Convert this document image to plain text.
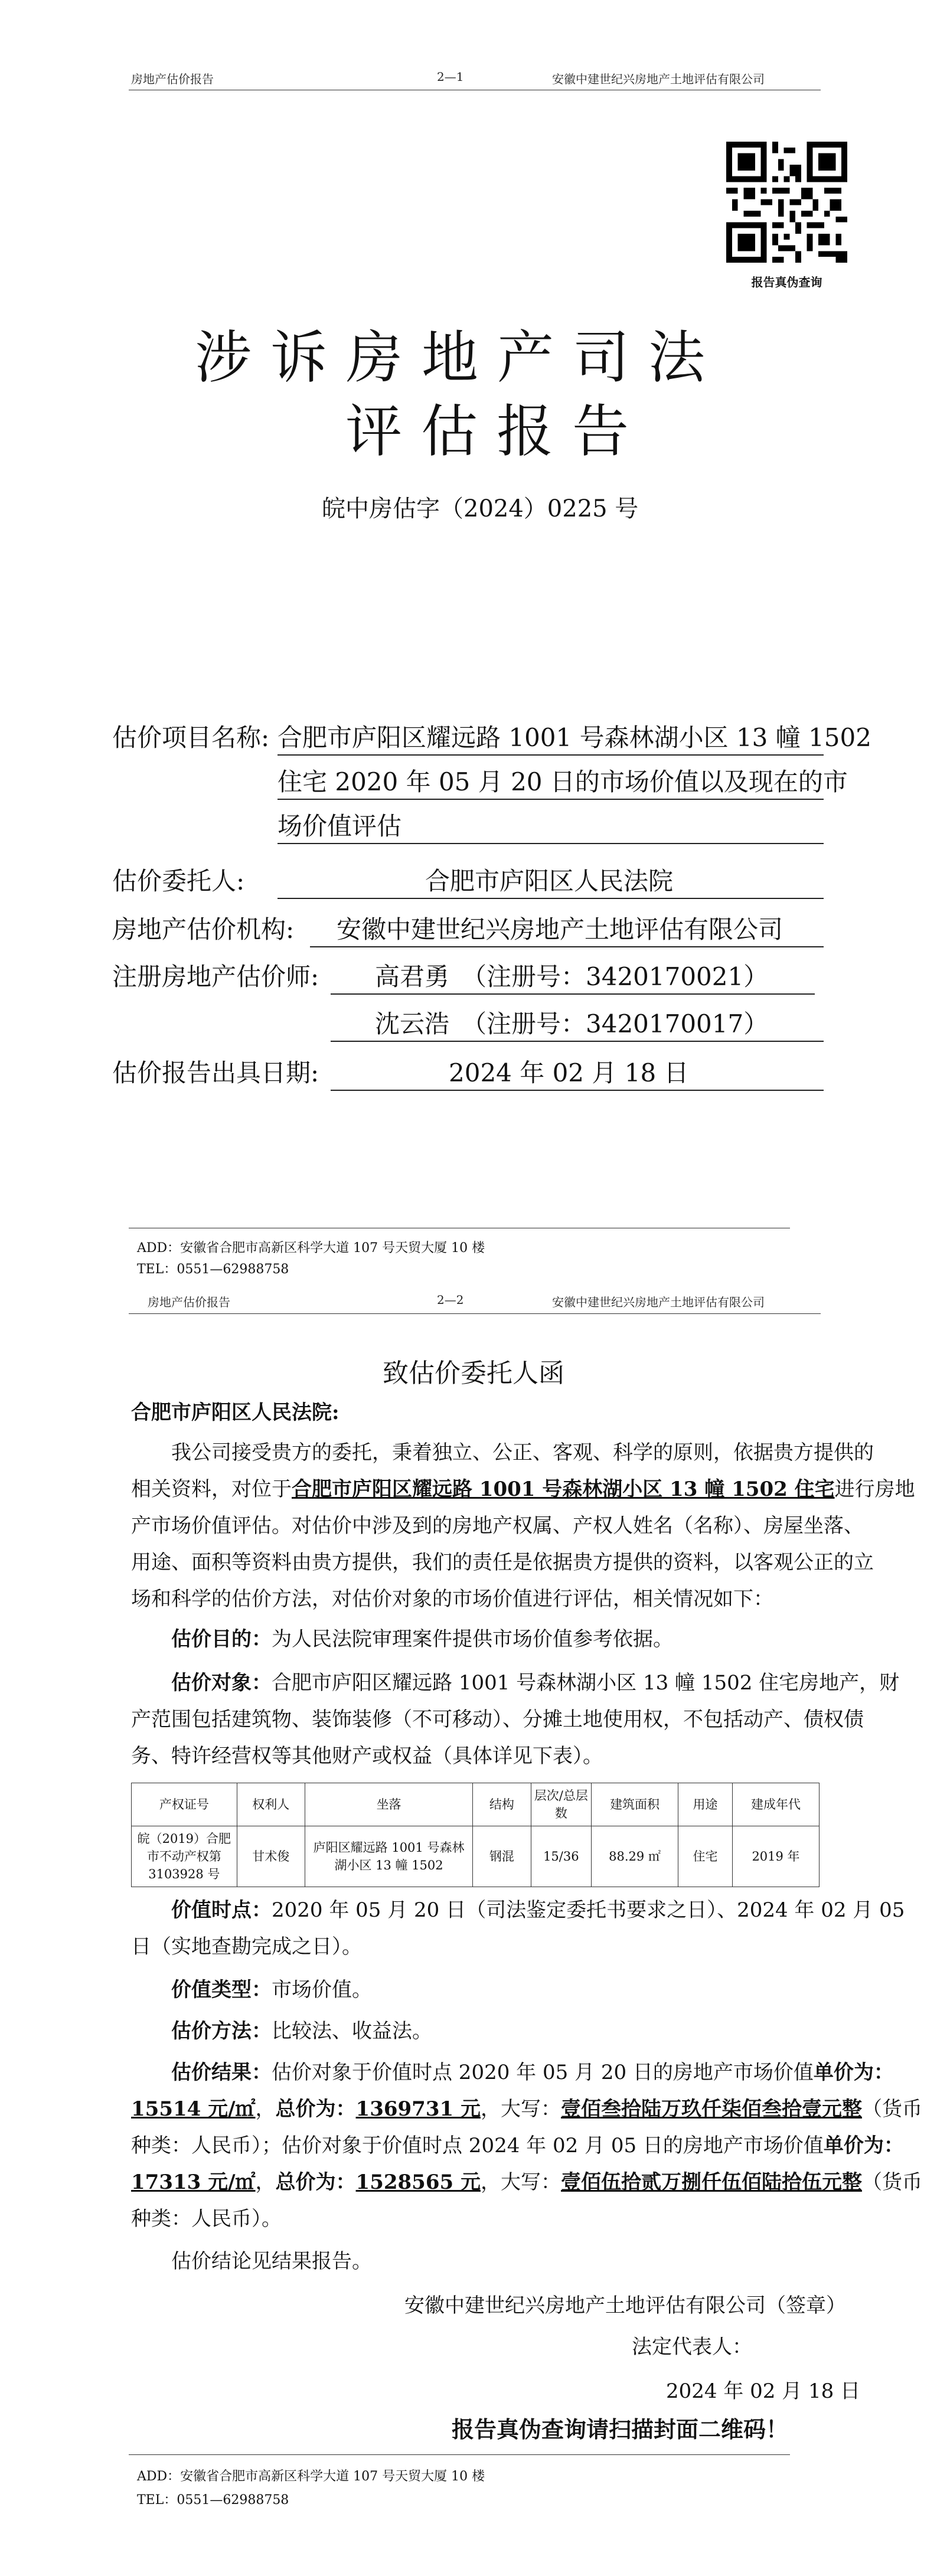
房地产估价报告	2—1	安徽中建世纪兴房地产土地评估有限公司
报告真伪查询
涉诉房地产司法
评估报告
皖中房估字（2024）0225 号
估价项目名称: 合肥市庐阳区耀远路 1001 号森林湖小区 13 幢 1502
住宅 2020 年 05 月 20 日的市场价值以及现在的市
场价值评估
估价委托人:	合肥市庐阳区人民法院
房地产估价机构: 安徽中建世纪兴房地产土地评估有限公司
注册房地产估价师: 高君勇　（注册号：3420170021）
沈云浩　（注册号：3420170017）
估价报告出具日期:	2024 年 02 月 18 日
ADD：安徽省合肥市高新区科学大道 107 号天贸大厦 10 楼
TEL：0551—62988758
房地产估价报告	2—2	安徽中建世纪兴房地产土地评估有限公司
致估价委托人函
合肥市庐阳区人民法院:
我公司接受贵方的委托，秉着独立、公正、客观、科学的原则，依据贵方提供的
相关资料，对位于合肥市庐阳区耀远路 1001 号森林湖小区 13 幢 1502 住宅进行房地
产市场价值评估。对估价中涉及到的房地产权属、产权人姓名（名称）、房屋坐落、
用途、面积等资料由贵方提供，我们的责任是依据贵方提供的资料，以客观公正的立
场和科学的估价方法，对估价对象的市场价值进行评估，相关情况如下：
估价目的：为人民法院审理案件提供市场价值参考依据。
估价对象：合肥市庐阳区耀远路 1001 号森林湖小区 13 幢 1502 住宅房地产，财
产范围包括建筑物、装饰装修（不可移动）、分摊土地使用权，不包括动产、债权债
务、特许经营权等其他财产或权益（具体详见下表）。
产权证号	权利人	坐落	结构	层次/总层数	建筑面积	用途	建成年代
皖（2019）合肥市不动产权第3103928 号	甘术俊	庐阳区耀远路 1001 号森林湖小区 13 幢 1502	钢混	15/36	88.29 ㎡	住宅	2019 年
价值时点：2020 年 05 月 20 日（司法鉴定委托书要求之日）、2024 年 02 月 05
日（实地查勘完成之日）。
价值类型：市场价值。
估价方法：比较法、收益法。
估价结果：估价对象于价值时点 2020 年 05 月 20 日的房地产市场价值单价为：
15514 元/㎡，总价为：1369731 元，大写：壹佰叁拾陆万玖仟柒佰叁拾壹元整（货币
种类：人民币）；估价对象于价值时点 2024 年 02 月 05 日的房地产市场价值单价为：
17313 元/㎡，总价为：1528565 元，大写：壹佰伍拾贰万捌仟伍佰陆拾伍元整（货币
种类：人民币）。
估价结论见结果报告。
安徽中建世纪兴房地产土地评估有限公司（签章）
法定代表人：
2024 年 02 月 18 日
报告真伪查询请扫描封面二维码！
ADD：安徽省合肥市高新区科学大道 107 号天贸大厦 10 楼
TEL：0551—62988758
